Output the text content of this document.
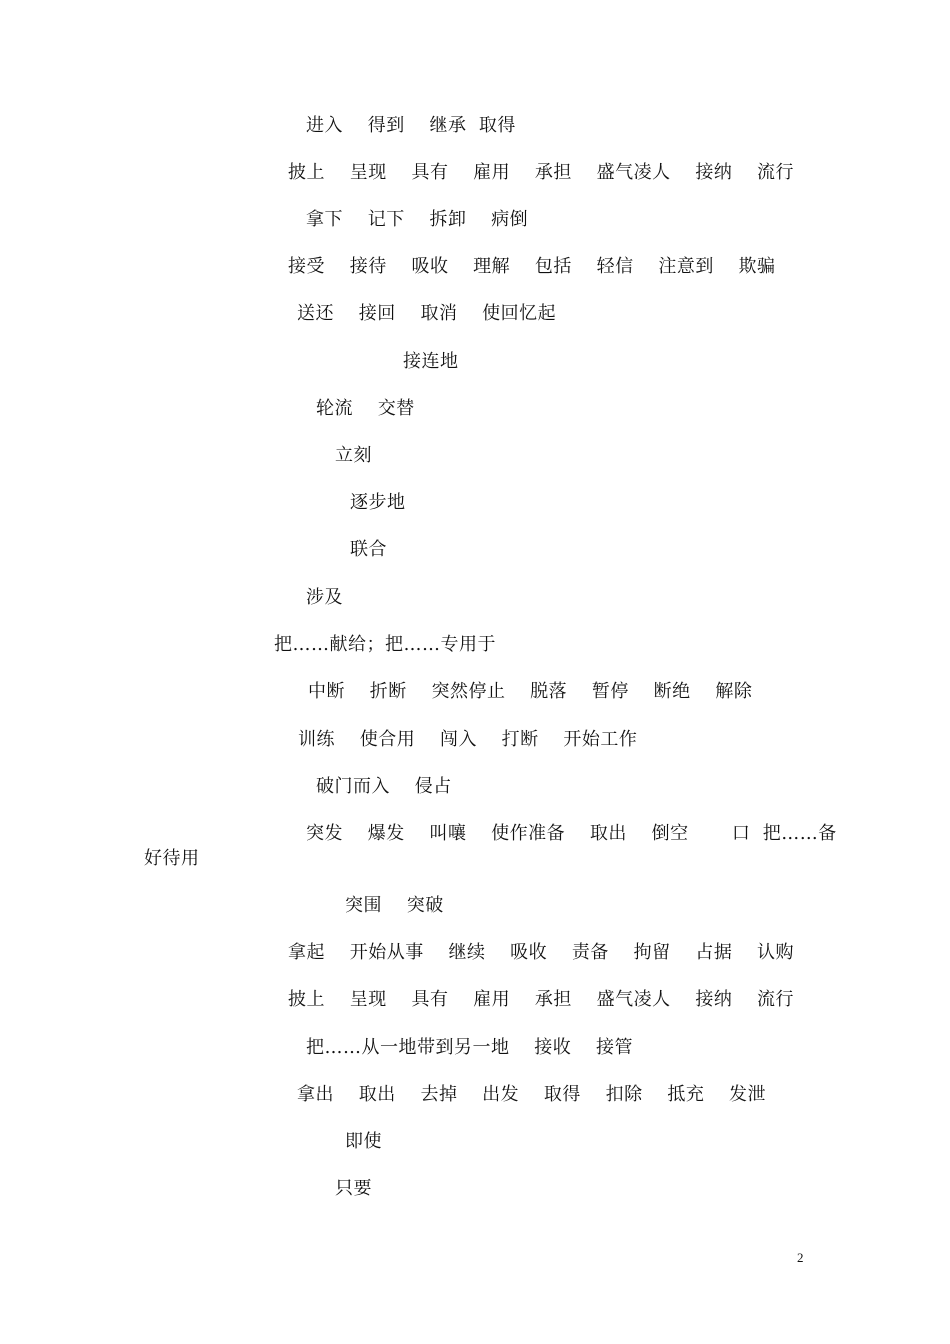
进入　 得到　 继承  取得
披上　 呈现　 具有　 雇用　 承担　 盛气凌人　 接纳　 流行
拿下　 记下　 拆卸　 病倒
接受　 接待　 吸收　 理解　 包括　 轻信　 注意到　 欺骗
送还　 接回　 取消　 使回忆起
接连地
轮流　 交替
立刻
逐步地
联合
涉及
把……献给；把……专用于
中断　 折断　 突然停止　 脱落　 暂停　 断绝　 解除
训练　 使合用　 闯入　 打断　 开始工作
破门而入　 侵占
突发　 爆发　 叫嚷　 使作准备　 取出　 倒空　　 口  把……备
好待用
突围　 突破
拿起　 开始从事　 继续　 吸收　 责备　 拘留　 占据　 认购
披上　 呈现　 具有　 雇用　 承担　 盛气凌人　 接纳　 流行
把……从一地带到另一地　 接收　 接管
拿出　 取出　 去掉　 出发　 取得　 扣除　 抵充　 发泄
即使
只要
2
